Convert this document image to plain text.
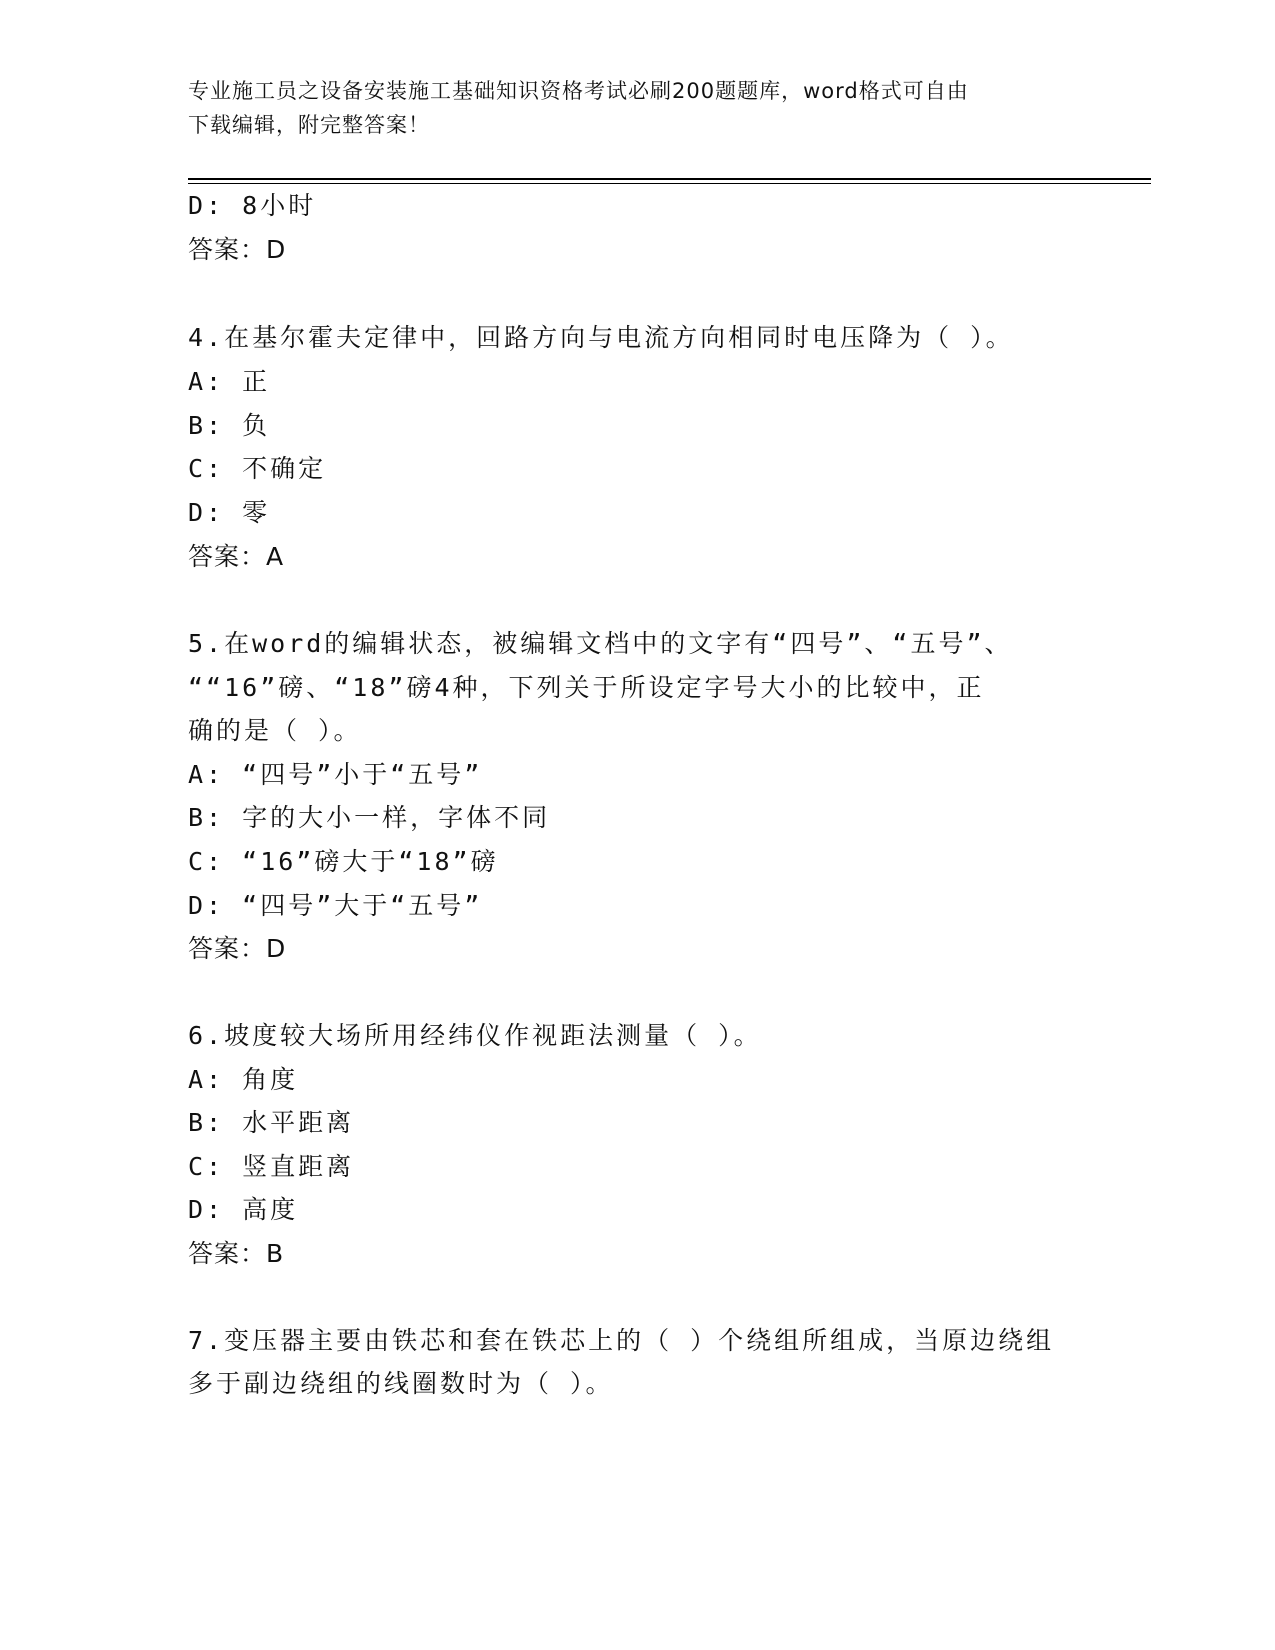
专业施工员之设备安装施工基础知识资格考试必刷200题题库，word格式可自由
下载编辑，附完整答案！
D: 8小时
答案：D
4.在基尔霍夫定律中，回路方向与电流方向相同时电压降为（ ）。
A: 正
B: 负
C: 不确定
D: 零
答案：A
5.在word的编辑状态，被编辑文档中的文字有“四号”、“五号”、
““16”磅、“18”磅4种，下列关于所设定字号大小的比较中，正
确的是（ ）。
A: “四号”小于“五号”
B: 字的大小一样，字体不同
C: “16”磅大于“18”磅
D: “四号”大于“五号”
答案：D
6.坡度较大场所用经纬仪作视距法测量（ ）。
A: 角度
B: 水平距离
C: 竖直距离
D: 高度
答案：B
7.变压器主要由铁芯和套在铁芯上的（ ）个绕组所组成，当原边绕组
多于副边绕组的线圈数时为（ ）。
